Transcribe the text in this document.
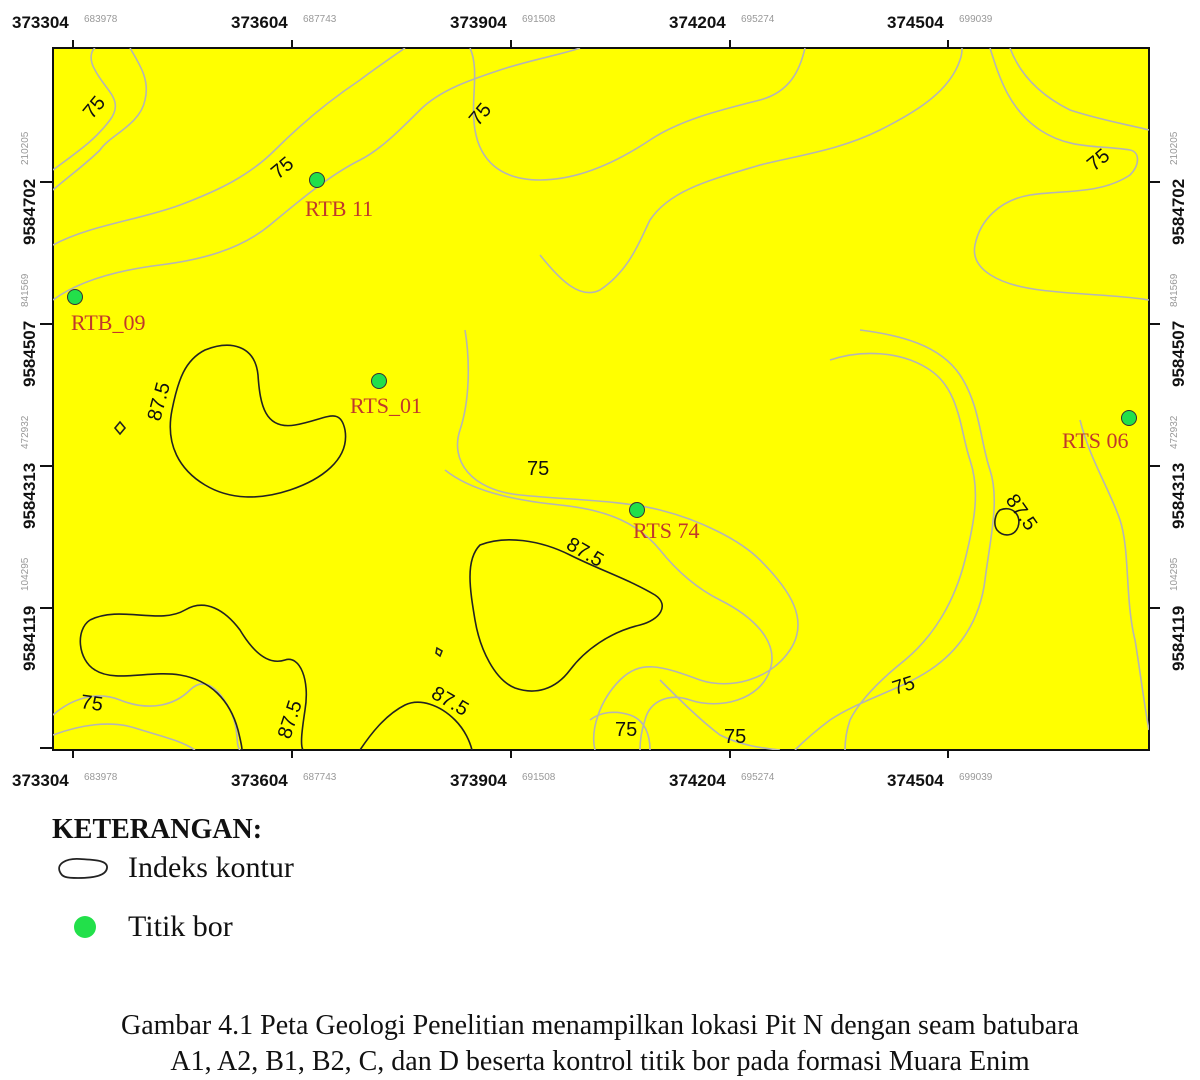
75	75
75	75
75
75
75
75	75
87.5
87.5
87.5	87.5
87.5
RTB 11
RTB_09
RTS_01
RTS 06
RTS 74
373304 683978	373604 687743	373904 691508	374204 695274	374504 699039
373304 683978	373604 687743	373904 691508	374204 695274	374504 699039
9584702
210205
9584507
841569
9584313
472932
9584119
104295
9584702
210205
9584507
841569
9584313
472932
9584119
104295
KETERANGAN:
Indeks kontur
Titik bor
Gambar 4.1 Peta Geologi Penelitian menampilkan lokasi Pit N dengan seam batubara
A1, A2, B1, B2, C, dan D beserta kontrol titik bor pada formasi Muara Enim
